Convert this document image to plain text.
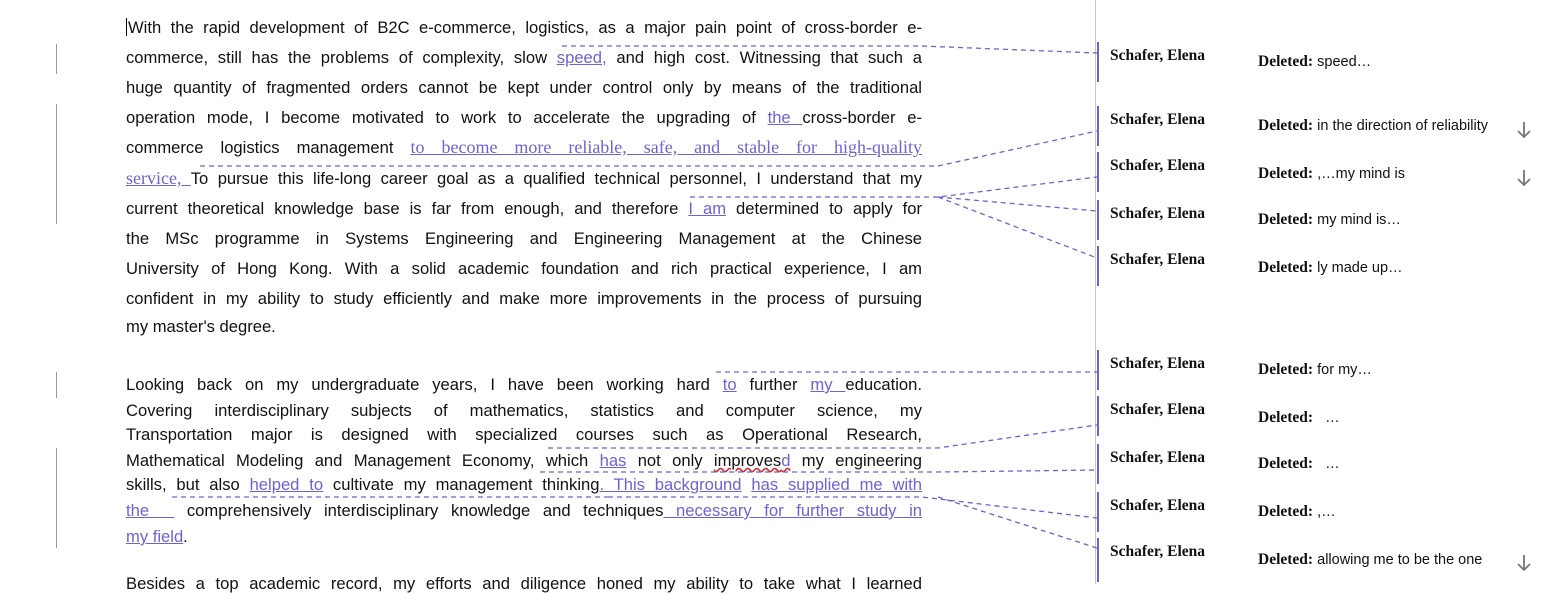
With the rapid development of B2C e-commerce, logistics, as a major pain point of cross-border e-
commerce, still has the problems of complexity, slow speed, and high cost. Witnessing that such a
huge quantity of fragmented orders cannot be kept under control only by means of the traditional
operation mode, I become motivated to work to accelerate the upgrading of the cross-border e-
commerce logistics management to become more reliable, safe, and stable for high-quality
service, To pursue this life-long career goal as a qualified technical personnel, I understand that my
current theoretical knowledge base is far from enough, and therefore I am determined to apply for
the MSc programme in Systems Engineering and Engineering Management at the Chinese
University of Hong Kong. With a solid academic foundation and rich practical experience, I am
confident in my ability to study efficiently and make more improvements in the process of pursuing
my master's degree.
Looking back on my undergraduate years, I have been working hard to further my education.
Covering interdisciplinary subjects of mathematics, statistics and computer science, my
Transportation major is designed with specialized courses such as Operational Research,
Mathematical Modeling and Management Economy, which has not only improvesd my engineering
skills, but also helped to cultivate my management thinking. This background has supplied me with
the   comprehensively interdisciplinary knowledge and techniques necessary for further study in
my field.
Besides a top academic record, my efforts and diligence honed my ability to take what I learned
Schafer, Elena	Deleted: speed…
Schafer, Elena	Deleted: in the direction of reliability
Schafer, Elena	Deleted: ,…my mind is
Schafer, Elena	Deleted: my mind is…
Schafer, Elena	Deleted: ly made up…
Schafer, Elena	Deleted: for my…
Schafer, Elena	Deleted:   …
Schafer, Elena	Deleted:   …
Schafer, Elena	Deleted: ,…
Schafer, Elena	Deleted: allowing me to be the one
